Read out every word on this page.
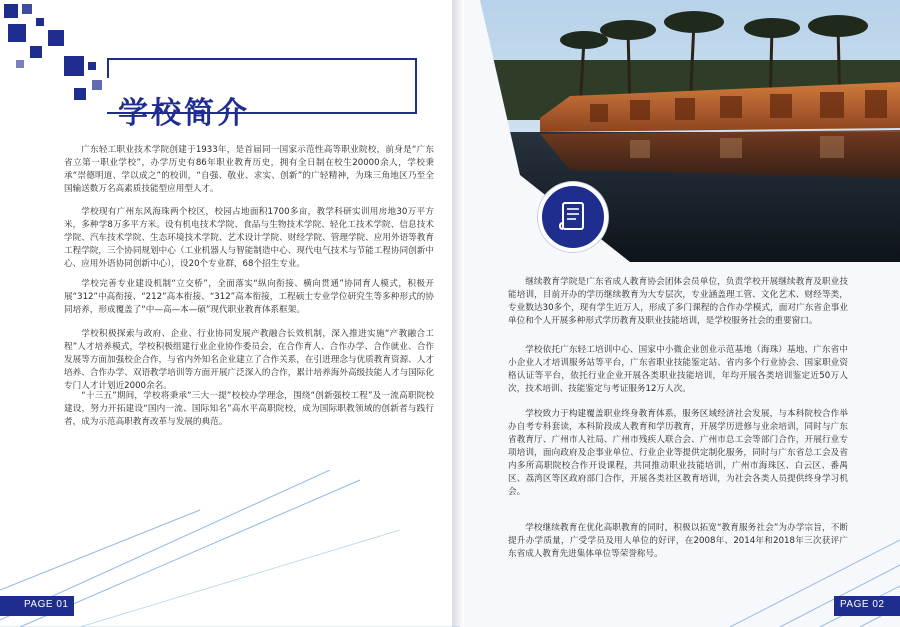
学校简介

广东轻工职业技术学院创建于1933年，是首届同一国家示范性高等职业院校，前身是“广东省立第一职业学校”，办学历史有86年职业教育历史，拥有全日制在校生20000余人，学校秉承“崇德明道、学以成之”的校训，“自强、敬业、求实、创新”的广轻精神，为珠三角地区乃至全国输送数万名高素质技能型应用型人才。

学校现有广州东风海珠两个校区，校园占地面积1700多亩，教学科研实训用房地30万平方米，多种学8万多平方米。设有机电技术学院、食品与生物技术学院、轻化工技术学院、信息技术学院、汽车技术学院、生态环境技术学院、艺术设计学院、财经学院、管理学院、应用外语等教育工程学院，三个协同规划中心（工业机器人与智能制造中心、现代电气技术与节能工程协同创新中心、应用外语协同创新中心），设20个专业群，68个招生专业。

学校完善专业建设机制“立交桥”，全面落实“纵向衔接、横向贯通”协同育人模式，积极开展“312”中高衔接、“212”高本衔接、“312”高本衔接，工程硕士专业学位研究生等多种形式的协同培养，形成覆盖了“中—高—本—硕”现代职业教育体系框架。

学校积极探索与政府、企业、行业协同发展产教融合长效机制，深入推进实施“产教融合工程”人才培养模式，学校积极组建行业企业协作委员会，在合作育人、合作办学、合作就业、合作发展等方面加强校企合作，与省内外知名企业建立了合作关系，在引进理念与优质教育资源、人才培养、合作办学、双语教学培训等方面开展广泛深入的合作，累计培养海外高级技能人才与国际化专门人才计划近2000余名。

“十三五”期间，学校将秉承“三大一提”校校办学理念，围绕“创新强校工程”及一流高职院校建设，努力开拓建设“国内一流、国际知名”高水平高职院校，成为国际职教领域的创新者与践行者，成为示范高职教育改革与发展的典范。

继续教育学院是广东省成人教育协会团体会员单位，负责学校开展继续教育及职业技能培训，目前开办的学历继续教育为大专层次，专业涵盖理工管、文化艺术、财经等类，专业数达30多个，现有学生近万人，形成了多门课程的合作办学模式，面对广东省企事业单位和个人开展多种形式学历教育及职业技能培训，是学校服务社会的重要窗口。

学校依托广东轻工培训中心、国家中小微企业创业示范基地（海珠）基地、广东省中小企业人才培训服务站等平台，广东省职业技能鉴定站、省内多个行业协会、国家职业资格认证等平台，依托行业企业开展各类职业技能培训，年均开展各类培训鉴定近50万人次，技术培训、技能鉴定与考证服务12万人次。

学校致力于构建覆盖职业终身教育体系，服务区域经济社会发展，与本科院校合作举办自考专科套读，本科阶段成人教育和学历教育，开展学历进修与业余培训，同时与广东省教育厅、广州市人社局、广州市残疾人联合会、广州市总工会等部门合作，开展行业专项培训，面向政府及企事业单位、行业企业等提供定制化服务，同时与广东省总工会及省内多所高职院校合作开设课程，共同推动职业技能培训，广州市海珠区、白云区、番禺区、荔湾区等区政府部门合作，开展各类社区教育培训，为社会各类人员提供终身学习机会。

学校继续教育在优化高职教育的同时，积极以拓宽“教育服务社会”为办学宗旨，不断提升办学质量，广受学员及用人单位的好评，在2008年、2014年和2018年三次获评广东省成人教育先进集体单位等荣誉称号。

PAGE 01	PAGE 02
